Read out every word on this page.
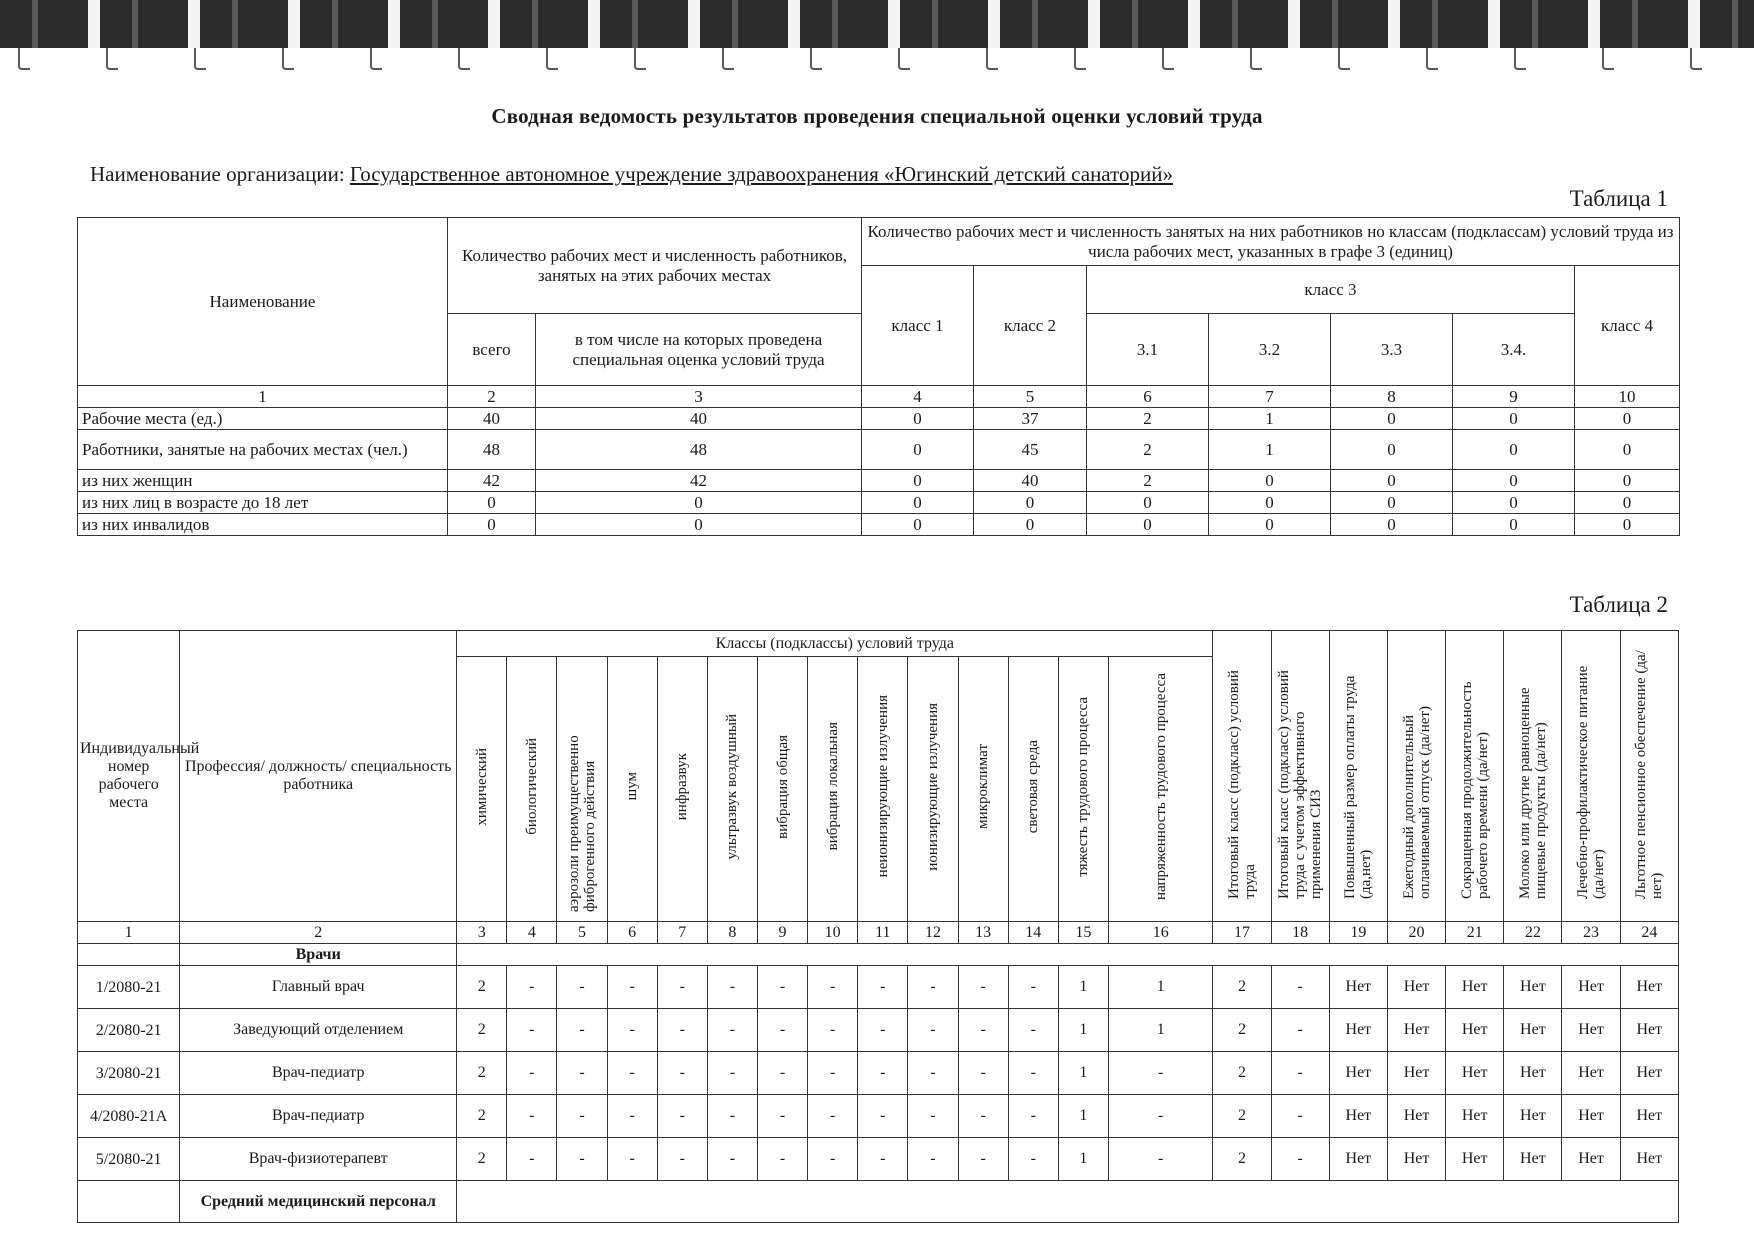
Сводная ведомость результатов проведения специальной оценки условий труда
Наименование организации: Государственное автономное учреждение здравоохранения «Югинский детский санаторий»
Таблица 1
Наименование	Количество рабочих мест и численность работников, занятых на этих рабочих местах		Количество рабочих мест и численность занятых на них работников но классам (подклассам) условий труда из числа рабочих мест, указанных в графе 3 (единиц)						
			класс 1	класс 2	класс 3				класс 4
	всего	в том числе на которых проведена специальная оценка условий труда			3.1	3.2	3.3	3.4.	
1	2	3	4	5	6	7	8	9	10
Рабочие места (ед.)	40	40	0	37	2	1	0	0	0
Работники, занятые на рабочих местах (чел.)	48	48	0	45	2	1	0	0	0
из них женщин	42	42	0	40	2	0	0	0	0
из них лиц в возрасте до 18 лет	0	0	0	0	0	0	0	0	0
из них инвалидов	0	0	0	0	0	0	0	0	0
Таблица 2
Индивидуальный номер рабочего места	Профессия/ должность/ специальность работника	Классы (подклассы) условий труда														Итоговый класс (подкласс) условий труда	Итоговый класс (подкласс) условий труда с учетом эффективного применения СИЗ	Повышенный размер оплаты труда (да,нет)	Ежегодный дополнительный оплачиваемый отпуск (да/нет)	Сокращенная продолжительность рабочего времени (да/нет)	Молоко или другие равноценные пищевые продукты (да/нет)	Лечебно-профилактическое питание (да/нет)	Льготное пенсионное обеспечение (да/нет)
		химический	биологический	аэрозоли преимущественно фиброгенного действия	шум	инфразвук	ультразвук воздушный	вибрация общая	вибрация локальная	неионизирующие излучения	ионизирующие излучения	микроклимат	световая среда	тяжесть трудового процесса	напряженность трудового процесса								
1	2	3	4	5	6	7	8	9	10	11	12	13	14	15	16	17	18	19	20	21	22	23	24
	Врачи																						
1/2080-21	Главный врач	2	-	-	-	-	-	-	-	-	-	-	-	1	1	2	-	Нет	Нет	Нет	Нет	Нет	Нет
2/2080-21	Заведующий отделением	2	-	-	-	-	-	-	-	-	-	-	-	1	1	2	-	Нет	Нет	Нет	Нет	Нет	Нет
3/2080-21	Врач-педиатр	2	-	-	-	-	-	-	-	-	-	-	-	1	-	2	-	Нет	Нет	Нет	Нет	Нет	Нет
4/2080-21А	Врач-педиатр	2	-	-	-	-	-	-	-	-	-	-	-	1	-	2	-	Нет	Нет	Нет	Нет	Нет	Нет
5/2080-21	Врач-физиотерапевт	2	-	-	-	-	-	-	-	-	-	-	-	1	-	2	-	Нет	Нет	Нет	Нет	Нет	Нет
	Средний медицинский персонал																						
